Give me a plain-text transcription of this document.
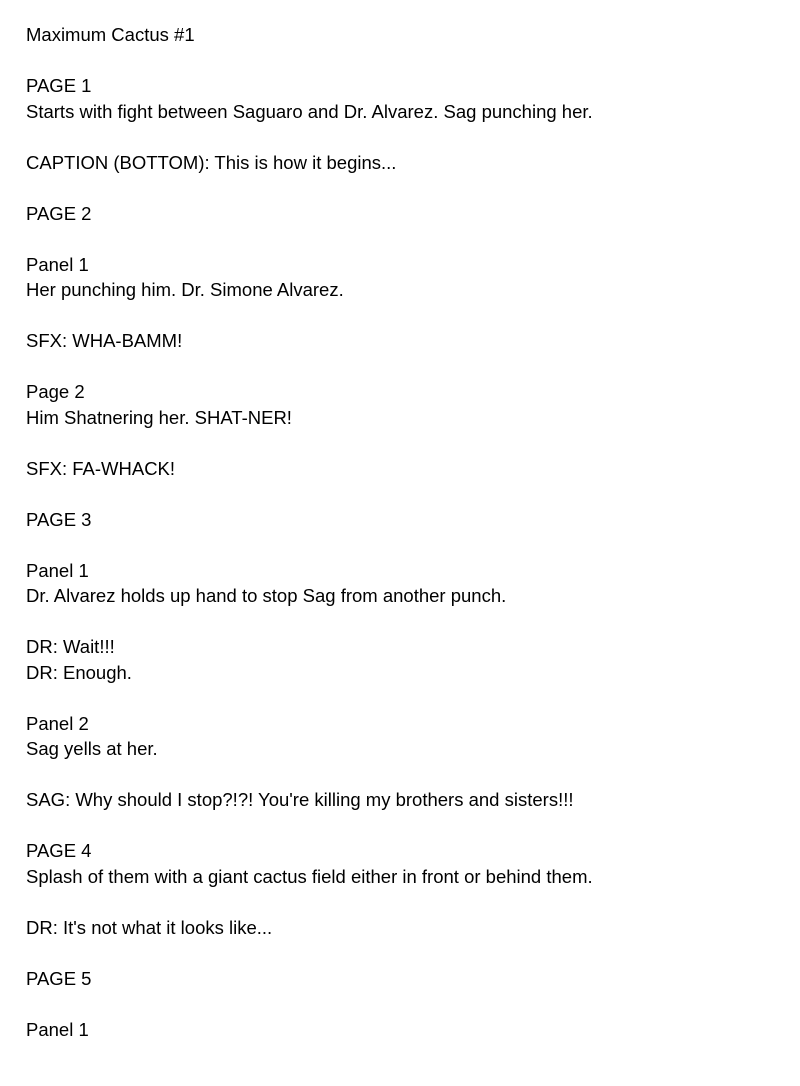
Maximum Cactus #1
PAGE 1
Starts with fight between Saguaro and Dr. Alvarez. Sag punching her.
CAPTION (BOTTOM): This is how it begins...
PAGE 2
Panel 1
Her punching him. Dr. Simone Alvarez.
SFX: WHA-BAMM!
Page 2
Him Shatnering her. SHAT-NER!
SFX: FA-WHACK!
PAGE 3
Panel 1
Dr. Alvarez holds up hand to stop Sag from another punch.
DR: Wait!!!
DR: Enough.
Panel 2
Sag yells at her.
SAG: Why should I stop?!?! You're killing my brothers and sisters!!!
PAGE 4
Splash of them with a giant cactus field either in front or behind them.
DR: It's not what it looks like...
PAGE 5
Panel 1
